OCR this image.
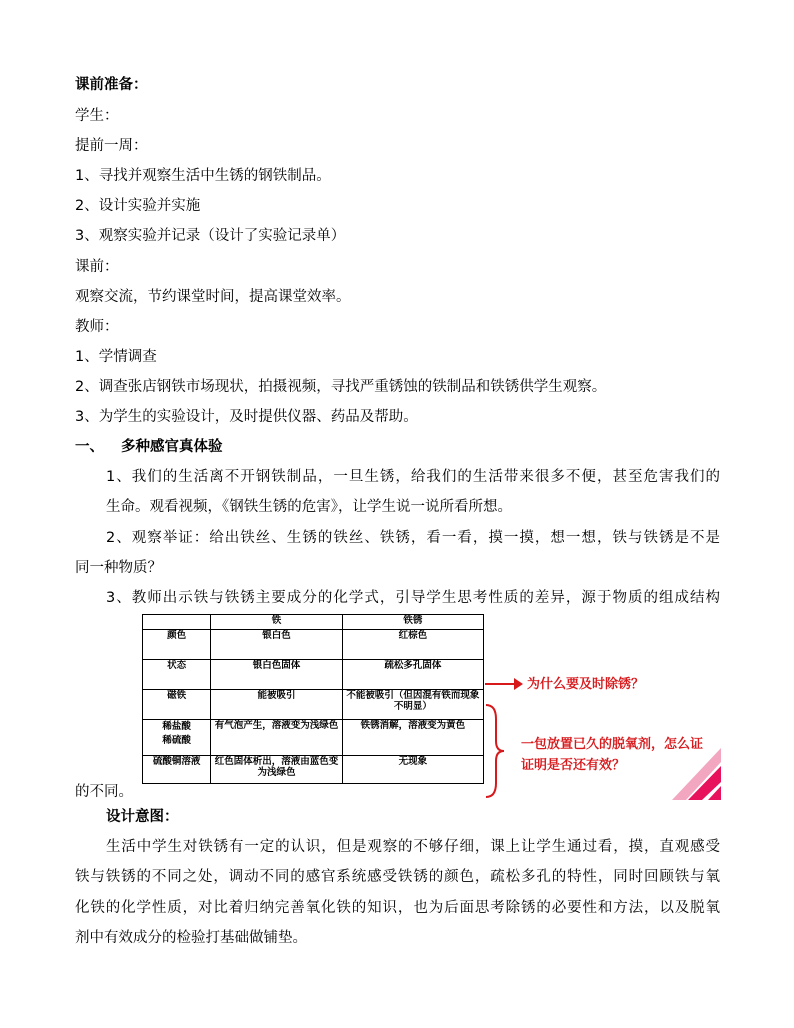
课前准备：
学生：
提前一周：
1、寻找并观察生活中生锈的钢铁制品。
2、设计实验并实施
3、观察实验并记录（设计了实验记录单）
课前：
观察交流，节约课堂时间，提高课堂效率。
教师：
1、学情调查
2、调查张店钢铁市场现状，拍摄视频，寻找严重锈蚀的铁制品和铁锈供学生观察。
3、为学生的实验设计，及时提供仪器、药品及帮助。
一、 多种感官真体验
1、我们的生活离不开钢铁制品，一旦生锈，给我们的生活带来很多不便，甚至危害我们的
生命。观看视频，《钢铁生锈的危害》，让学生说一说所看所想。
2、观察举证：给出铁丝、生锈的铁丝、铁锈，看一看，摸一摸，想一想，铁与铁锈是不是
同一种物质？
3、教师出示铁与铁锈主要成分的化学式，引导学生思考性质的差异，源于物质的组成结构
的不同。
	铁	铁锈
颜色	银白色	红棕色
状态	银白色固体	疏松多孔固体
磁铁	能被吸引	不能被吸引（但因混有铁而现象不明显）
稀盐酸
稀硫酸	有气泡产生，溶液变为浅绿色	铁锈消解，溶液变为黄色
硫酸铜溶液	红色固体析出，溶液由蓝色变为浅绿色	无现象
为什么要及时除锈？
一包放置已久的脱氧剂，怎么证
证明是否还有效？
设计意图：
生活中学生对铁锈有一定的认识，但是观察的不够仔细，课上让学生通过看，摸，直观感受
铁与铁锈的不同之处，调动不同的感官系统感受铁锈的颜色，疏松多孔的特性，同时回顾铁与氧
化铁的化学性质，对比着归纳完善氧化铁的知识，也为后面思考除锈的必要性和方法，以及脱氧
剂中有效成分的检验打基础做铺垫。
